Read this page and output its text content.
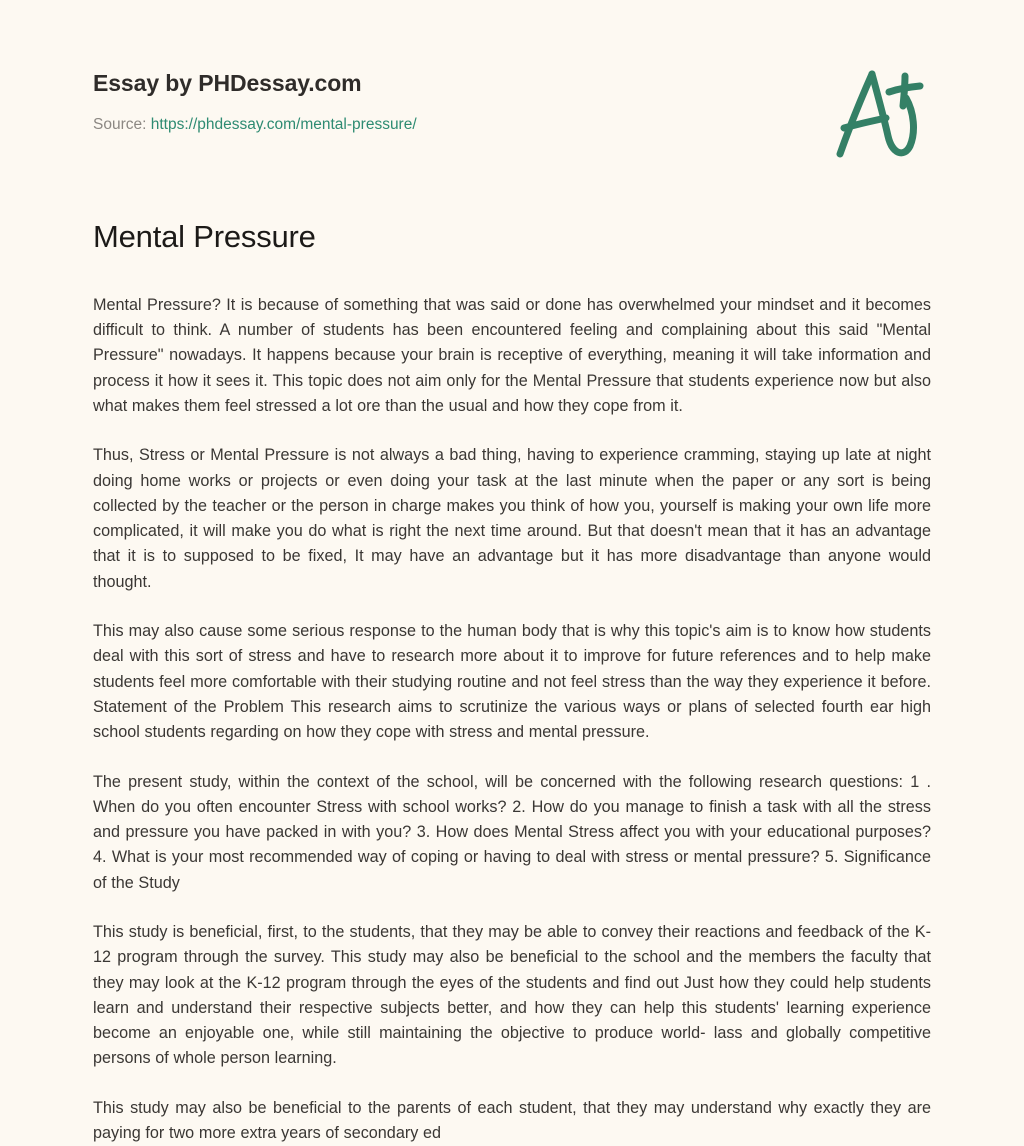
Essay by PHDessay.com
Source: https://phdessay.com/mental-pressure/
Mental Pressure

Mental Pressure? It is because of something that was said or done has overwhelmed your mindset and it becomes difficult to think. A number of students has been encountered feeling and complaining about this said "Mental Pressure" nowadays. It happens because your brain is receptive of everything, meaning it will take information and process it how it sees it. This topic does not aim only for the Mental Pressure that students experience now but also what makes them feel stressed a lot ore than the usual and how they cope from it.

Thus, Stress or Mental Pressure is not always a bad thing, having to experience cramming, staying up late at night doing home works or projects or even doing your task at the last minute when the paper or any sort is being collected by the teacher or the person in charge makes you think of how you, yourself is making your own life more complicated, it will make you do what is right the next time around. But that doesn't mean that it has an advantage that it is to supposed to be fixed, It may have an advantage but it has more disadvantage than anyone would thought.

This may also cause some serious response to the human body that is why this topic's aim is to know how students deal with this sort of stress and have to research more about it to improve for future references and to help make students feel more comfortable with their studying routine and not feel stress than the way they experience it before. Statement of the Problem This research aims to scrutinize the various ways or plans of selected fourth ear high school students regarding on how they cope with stress and mental pressure.

The present study, within the context of the school, will be concerned with the following research questions: 1 . When do you often encounter Stress with school works? 2. How do you manage to finish a task with all the stress and pressure you have packed in with you? 3. How does Mental Stress affect you with your educational purposes? 4. What is your most recommended way of coping or having to deal with stress or mental pressure? 5. Significance of the Study

This study is beneficial, first, to the students, that they may be able to convey their reactions and feedback of the K-12 program through the survey. This study may also be beneficial to the school and the members the faculty that they may look at the K-12 program through the eyes of the students and find out Just how they could help students learn and understand their respective subjects better, and how they can help this students' learning experience become an enjoyable one, while still maintaining the objective to produce world- lass and globally competitive persons of whole person learning.

This study may also be beneficial to the parents of each student, that they may understand why exactly they are paying for two more extra years of secondary ed
